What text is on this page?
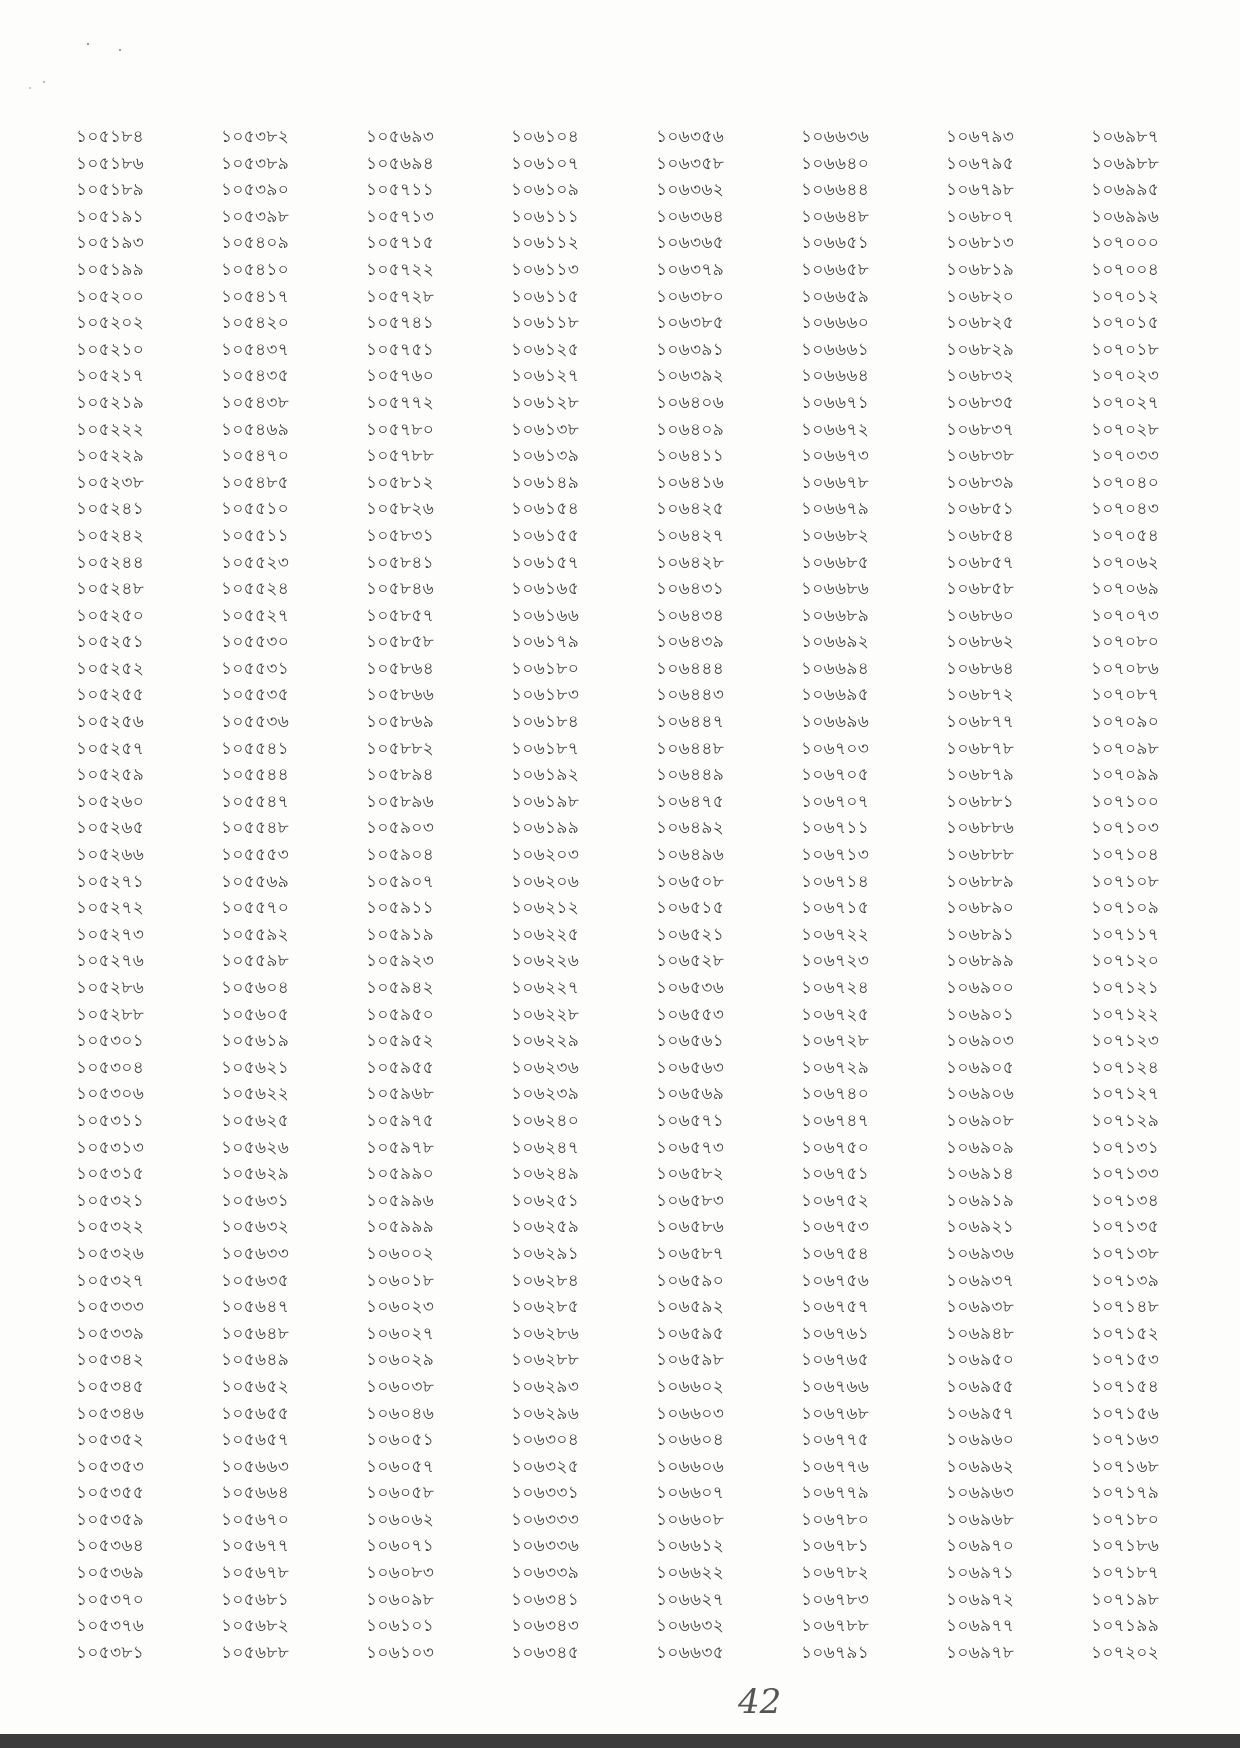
১০৫১৮৪
১০৫১৮৬
১০৫১৮৯
১০৫১৯১
১০৫১৯৩
১০৫১৯৯
১০৫২০০
১০৫২০২
১০৫২১০
১০৫২১৭
১০৫২১৯
১০৫২২২
১০৫২২৯
১০৫২৩৮
১০৫২৪১
১০৫২৪২
১০৫২৪৪
১০৫২৪৮
১০৫২৫০
১০৫২৫১
১০৫২৫২
১০৫২৫৫
১০৫২৫৬
১০৫২৫৭
১০৫২৫৯
১০৫২৬০
১০৫২৬৫
১০৫২৬৬
১০৫২৭১
১০৫২৭২
১০৫২৭৩
১০৫২৭৬
১০৫২৮৬
১০৫২৮৮
১০৫৩০১
১০৫৩০৪
১০৫৩০৬
১০৫৩১১
১০৫৩১৩
১০৫৩১৫
১০৫৩২১
১০৫৩২২
১০৫৩২৬
১০৫৩২৭
১০৫৩৩৩
১০৫৩৩৯
১০৫৩৪২
১০৫৩৪৫
১০৫৩৪৬
১০৫৩৫২
১০৫৩৫৩
১০৫৩৫৫
১০৫৩৫৯
১০৫৩৬৪
১০৫৩৬৯
১০৫৩৭০
১০৫৩৭৬
১০৫৩৮১
১০৫৩৮২
১০৫৩৮৯
১০৫৩৯০
১০৫৩৯৮
১০৫৪০৯
১০৫৪১০
১০৫৪১৭
১০৫৪২০
১০৫৪৩৭
১০৫৪৩৫
১০৫৪৩৮
১০৫৪৬৯
১০৫৪৭০
১০৫৪৮৫
১০৫৫১০
১০৫৫১১
১০৫৫২৩
১০৫৫২৪
১০৫৫২৭
১০৫৫৩০
১০৫৫৩১
১০৫৫৩৫
১০৫৫৩৬
১০৫৫৪১
১০৫৫৪৪
১০৫৫৪৭
১০৫৫৪৮
১০৫৫৫৩
১০৫৫৬৯
১০৫৫৭০
১০৫৫৯২
১০৫৫৯৮
১০৫৬০৪
১০৫৬০৫
১০৫৬১৯
১০৫৬২১
১০৫৬২২
১০৫৬২৫
১০৫৬২৬
১০৫৬২৯
১০৫৬৩১
১০৫৬৩২
১০৫৬৩৩
১০৫৬৩৫
১০৫৬৪৭
১০৫৬৪৮
১০৫৬৪৯
১০৫৬৫২
১০৫৬৫৫
১০৫৬৫৭
১০৫৬৬৩
১০৫৬৬৪
১০৫৬৭০
১০৫৬৭৭
১০৫৬৭৮
১০৫৬৮১
১০৫৬৮২
১০৫৬৮৮
১০৫৬৯৩
১০৫৬৯৪
১০৫৭১১
১০৫৭১৩
১০৫৭১৫
১০৫৭২২
১০৫৭২৮
১০৫৭৪১
১০৫৭৫১
১০৫৭৬০
১০৫৭৭২
১০৫৭৮০
১০৫৭৮৮
১০৫৮১২
১০৫৮২৬
১০৫৮৩১
১০৫৮৪১
১০৫৮৪৬
১০৫৮৫৭
১০৫৮৫৮
১০৫৮৬৪
১০৫৮৬৬
১০৫৮৬৯
১০৫৮৮২
১০৫৮৯৪
১০৫৮৯৬
১০৫৯০৩
১০৫৯০৪
১০৫৯০৭
১০৫৯১১
১০৫৯১৯
১০৫৯২৩
১০৫৯৪২
১০৫৯৫০
১০৫৯৫২
১০৫৯৫৫
১০৫৯৬৮
১০৫৯৭৫
১০৫৯৭৮
১০৫৯৯০
১০৫৯৯৬
১০৫৯৯৯
১০৬০০২
১০৬০১৮
১০৬০২৩
১০৬০২৭
১০৬০২৯
১০৬০৩৮
১০৬০৪৬
১০৬০৫১
১০৬০৫৭
১০৬০৫৮
১০৬০৬২
১০৬০৭১
১০৬০৮৩
১০৬০৯৮
১০৬১০১
১০৬১০৩
১০৬১০৪
১০৬১০৭
১০৬১০৯
১০৬১১১
১০৬১১২
১০৬১১৩
১০৬১১৫
১০৬১১৮
১০৬১২৫
১০৬১২৭
১০৬১২৮
১০৬১৩৮
১০৬১৩৯
১০৬১৪৯
১০৬১৫৪
১০৬১৫৫
১০৬১৫৭
১০৬১৬৫
১০৬১৬৬
১০৬১৭৯
১০৬১৮০
১০৬১৮৩
১০৬১৮৪
১০৬১৮৭
১০৬১৯২
১০৬১৯৮
১০৬১৯৯
১০৬২০৩
১০৬২০৬
১০৬২১২
১০৬২২৫
১০৬২২৬
১০৬২২৭
১০৬২২৮
১০৬২২৯
১০৬২৩৬
১০৬২৩৯
১০৬২৪০
১০৬২৪৭
১০৬২৪৯
১০৬২৫১
১০৬২৫৯
১০৬২৯১
১০৬২৮৪
১০৬২৮৫
১০৬২৮৬
১০৬২৮৮
১০৬২৯৩
১০৬২৯৬
১০৬৩০৪
১০৬৩২৫
১০৬৩৩১
১০৬৩৩৩
১০৬৩৩৬
১০৬৩৩৯
১০৬৩৪১
১০৬৩৪৩
১০৬৩৪৫
১০৬৩৫৬
১০৬৩৫৮
১০৬৩৬২
১০৬৩৬৪
১০৬৩৬৫
১০৬৩৭৯
১০৬৩৮০
১০৬৩৮৫
১০৬৩৯১
১০৬৩৯২
১০৬৪০৬
১০৬৪০৯
১০৬৪১১
১০৬৪১৬
১০৬৪২৫
১০৬৪২৭
১০৬৪২৮
১০৬৪৩১
১০৬৪৩৪
১০৬৪৩৯
১০৬৪৪৪
১০৬৪৪৩
১০৬৪৪৭
১০৬৪৪৮
১০৬৪৪৯
১০৬৪৭৫
১০৬৪৯২
১০৬৪৯৬
১০৬৫০৮
১০৬৫১৫
১০৬৫২১
১০৬৫২৮
১০৬৫৩৬
১০৬৫৫৩
১০৬৫৬১
১০৬৫৬৩
১০৬৫৬৯
১০৬৫৭১
১০৬৫৭৩
১০৬৫৮২
১০৬৫৮৩
১০৬৫৮৬
১০৬৫৮৭
১০৬৫৯০
১০৬৫৯২
১০৬৫৯৫
১০৬৫৯৮
১০৬৬০২
১০৬৬০৩
১০৬৬০৪
১০৬৬০৬
১০৬৬০৭
১০৬৬০৮
১০৬৬১২
১০৬৬২২
১০৬৬২৭
১০৬৬৩২
১০৬৬৩৫
১০৬৬৩৬
১০৬৬৪০
১০৬৬৪৪
১০৬৬৪৮
১০৬৬৫১
১০৬৬৫৮
১০৬৬৫৯
১০৬৬৬০
১০৬৬৬১
১০৬৬৬৪
১০৬৬৭১
১০৬৬৭২
১০৬৬৭৩
১০৬৬৭৮
১০৬৬৭৯
১০৬৬৮২
১০৬৬৮৫
১০৬৬৮৬
১০৬৬৮৯
১০৬৬৯২
১০৬৬৯৪
১০৬৬৯৫
১০৬৬৯৬
১০৬৭০৩
১০৬৭০৫
১০৬৭০৭
১০৬৭১১
১০৬৭১৩
১০৬৭১৪
১০৬৭১৫
১০৬৭২২
১০৬৭২৩
১০৬৭২৪
১০৬৭২৫
১০৬৭২৮
১০৬৭২৯
১০৬৭৪০
১০৬৭৪৭
১০৬৭৫০
১০৬৭৫১
১০৬৭৫২
১০৬৭৫৩
১০৬৭৫৪
১০৬৭৫৬
১০৬৭৫৭
১০৬৭৬১
১০৬৭৬৫
১০৬৭৬৬
১০৬৭৬৮
১০৬৭৭৫
১০৬৭৭৬
১০৬৭৭৯
১০৬৭৮০
১০৬৭৮১
১০৬৭৮২
১০৬৭৮৩
১০৬৭৮৮
১০৬৭৯১
১০৬৭৯৩
১০৬৭৯৫
১০৬৭৯৮
১০৬৮০৭
১০৬৮১৩
১০৬৮১৯
১০৬৮২০
১০৬৮২৫
১০৬৮২৯
১০৬৮৩২
১০৬৮৩৫
১০৬৮৩৭
১০৬৮৩৮
১০৬৮৩৯
১০৬৮৫১
১০৬৮৫৪
১০৬৮৫৭
১০৬৮৫৮
১০৬৮৬০
১০৬৮৬২
১০৬৮৬৪
১০৬৮৭২
১০৬৮৭৭
১০৬৮৭৮
১০৬৮৭৯
১০৬৮৮১
১০৬৮৮৬
১০৬৮৮৮
১০৬৮৮৯
১০৬৮৯০
১০৬৮৯১
১০৬৮৯৯
১০৬৯০০
১০৬৯০১
১০৬৯০৩
১০৬৯০৫
১০৬৯০৬
১০৬৯০৮
১০৬৯০৯
১০৬৯১৪
১০৬৯১৯
১০৬৯২১
১০৬৯৩৬
১০৬৯৩৭
১০৬৯৩৮
১০৬৯৪৮
১০৬৯৫০
১০৬৯৫৫
১০৬৯৫৭
১০৬৯৬০
১০৬৯৬২
১০৬৯৬৩
১০৬৯৬৮
১০৬৯৭০
১০৬৯৭১
১০৬৯৭২
১০৬৯৭৭
১০৬৯৭৮
১০৬৯৮৭
১০৬৯৮৮
১০৬৯৯৫
১০৬৯৯৬
১০৭০০০
১০৭০০৪
১০৭০১২
১০৭০১৫
১০৭০১৮
১০৭০২৩
১০৭০২৭
১০৭০২৮
১০৭০৩৩
১০৭০৪০
১০৭০৪৩
১০৭০৫৪
১০৭০৬২
১০৭০৬৯
১০৭০৭৩
১০৭০৮০
১০৭০৮৬
১০৭০৮৭
১০৭০৯০
১০৭০৯৮
১০৭০৯৯
১০৭১০০
১০৭১০৩
১০৭১০৪
১০৭১০৮
১০৭১০৯
১০৭১১৭
১০৭১২০
১০৭১২১
১০৭১২২
১০৭১২৩
১০৭১২৪
১০৭১২৭
১০৭১২৯
১০৭১৩১
১০৭১৩৩
১০৭১৩৪
১০৭১৩৫
১০৭১৩৮
১০৭১৩৯
১০৭১৪৮
১০৭১৫২
১০৭১৫৩
১০৭১৫৪
১০৭১৫৬
১০৭১৬৩
১০৭১৬৮
১০৭১৭৯
১০৭১৮০
১০৭১৮৬
১০৭১৮৭
১০৭১৯৮
১০৭১৯৯
১০৭২০২
42
